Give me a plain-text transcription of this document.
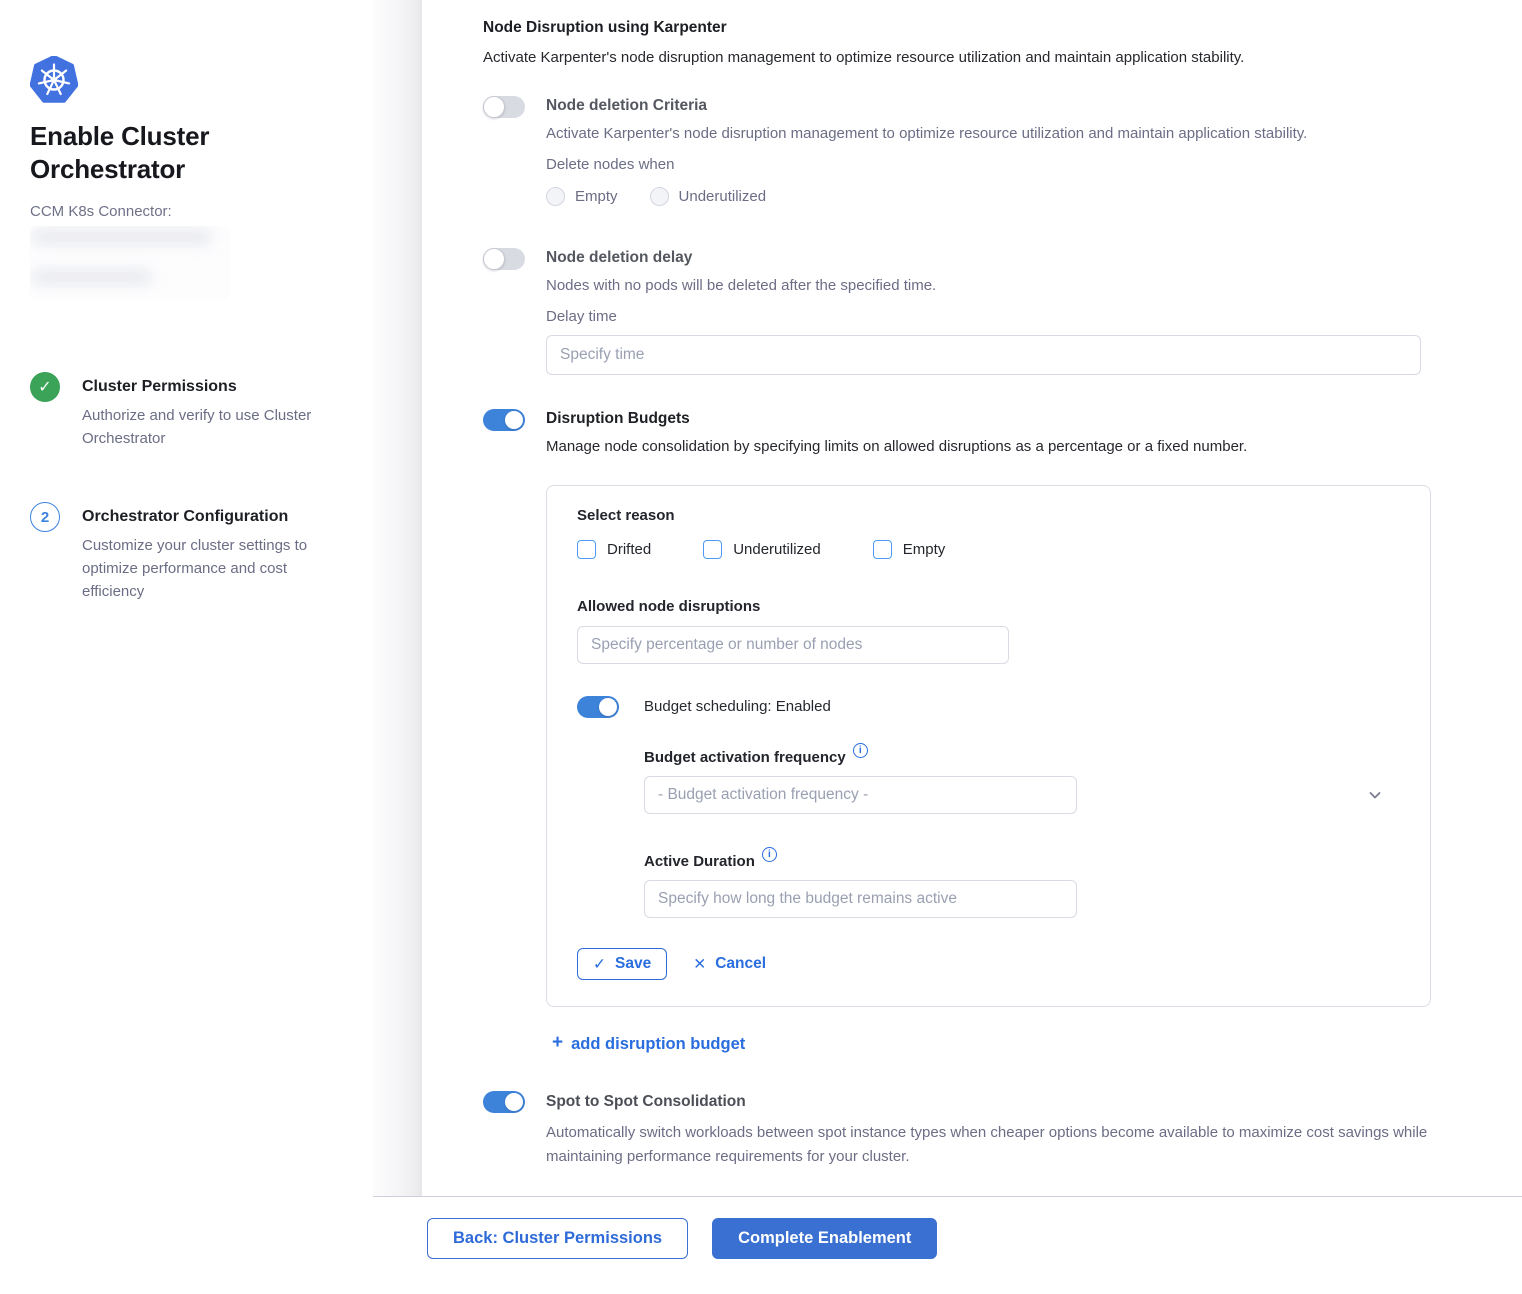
Enable Cluster Orchestrator
CCM K8s Connector:
✓	Cluster Permissions
Authorize and verify to use Cluster Orchestrator
2	Orchestrator Configuration
Customize your cluster settings to optimize performance and cost efficiency
Node Disruption using Karpenter
Activate Karpenter's node disruption management to optimize resource utilization and maintain application stability.
Node deletion Criteria
Activate Karpenter's node disruption management to optimize resource utilization and maintain application stability.
Delete nodes when
Empty	Underutilized
Node deletion delay
Nodes with no pods will be deleted after the specified time.
Delay time
Specify time
Disruption Budgets
Manage node consolidation by specifying limits on allowed disruptions as a percentage or a fixed number.
Select reason
Drifted	Underutilized	Empty
Allowed node disruptions
Specify percentage or number of nodes
Budget scheduling: Enabled
Budget activation frequency	i
- Budget activation frequency -
Active Duration	i
Specify how long the budget remains active
✓ Save	✕ Cancel
+ add disruption budget
Spot to Spot Consolidation
Automatically switch workloads between spot instance types when cheaper options become available to maximize cost savings while maintaining performance requirements for your cluster.
Back: Cluster Permissions	Complete Enablement
